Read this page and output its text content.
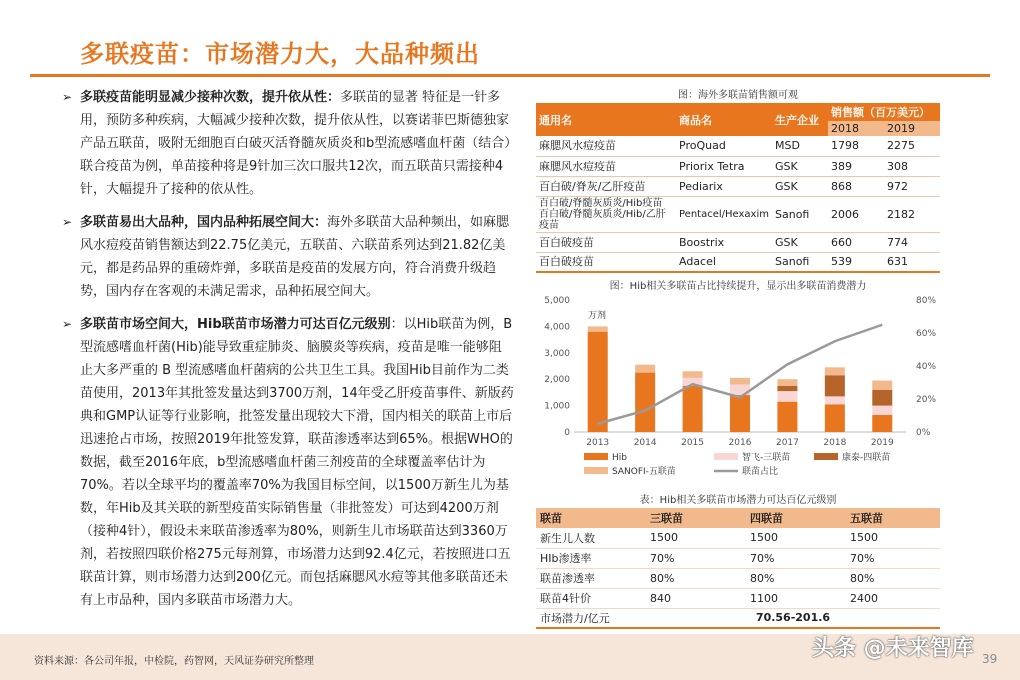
多联疫苗：市场潜力大，大品种频出
➢ 多联疫苗能明显减少接种次数，提升依从性：多联苗的显著 特征是一针多用，预防多种疾病，大幅减少接种次数，提升依从性，以赛诺菲巴斯德独家产品五联苗，吸附无细胞百白破灭活脊髓灰质炎和b型流感嗜血杆菌（结合）联合疫苗为例，单苗接种将是9针加三次口服共12次，而五联苗只需接种4针，大幅提升了接种的依从性。
➢ 多联苗易出大品种，国内品种拓展空间大：海外多联苗大品种频出，如麻腮风水痘疫苗销售额达到22.75亿美元，五联苗、六联苗系列达到21.82亿美元，都是药品界的重磅炸弹，多联苗是疫苗的发展方向，符合消费升级趋势，国内存在客观的未满足需求，品种拓展空间大。
➢ 多联苗市场空间大，Hib联苗市场潜力可达百亿元级别：以Hib联苗为例，B型流感嗜血杆菌(Hib)能导致重症肺炎、脑膜炎等疾病，疫苗是唯一能够阻止大多严重的 B 型流感嗜血杆菌病的公共卫生工具。我国Hib目前作为二类苗使用，2013年其批签发量达到3700万剂，14年受乙肝疫苗事件、新版药典和GMP认证等行业影响，批签发量出现较大下滑，国内相关的联苗上市后迅速抢占市场，按照2019年批签发算，联苗渗透率达到65%。根据WHO的数据，截至2016年底，b型流感嗜血杆菌三剂疫苗的全球覆盖率估计为70%。若以全球平均的覆盖率70%为我国目标空间，以1500万新生儿为基数，年Hib及其关联的新型疫苗实际销售量（非批签发）可达到4200万剂（接种4针），假设未来联苗渗透率为80%，则新生儿市场联苗达到3360万剂，若按照四联价格275元每剂算，市场潜力达到92.4亿元，若按照进口五联苗计算，则市场潜力达到200亿元。而包括麻腮风水痘等其他多联苗还未有上市品种，国内多联苗市场潜力大。
图：海外多联苗销售额可观
通用名	商品名	生产企业	销售额（百万美元）	
			2018	2019
麻腮风水痘疫苗	ProQuad	MSD	1798	2275
麻腮风水痘疫苗	Priorix Tetra	GSK	389	308
百白破/脊灰/乙肝疫苗	Pediarix	GSK	868	972
百白破/脊髓灰质炎/Hib疫苗 百白破/脊髓灰质炎/Hib/乙肝疫苗	Pentacel/Hexaxim	Sanofi	2006	2182
百白破疫苗	Boostrix	GSK	660	774
百白破疫苗	Adacel	Sanofi	539	631
图：Hib相关多联苗占比持续提升，显示出多联苗消费潜力
0
1,000
2,000
3,000
4,000
5,000
0%
20%
40%
60%
80%
万剂
2013	2014	2015	2016	2017	2018	2019
Hib	智飞-三联苗	康泰-四联苗
SANOFI-五联苗	联苗占比
表：Hib相关多联苗市场潜力可达百亿元级别
联苗	三联苗	四联苗	五联苗
新生儿人数	1500	1500	1500
HIb渗透率	70%	70%	70%
联苗渗透率	80%	80%	80%
联苗4针价	840	1100	2400
市场潜力/亿元	70.56-201.6		
资料来源：各公司年报，中检院，药智网，天风证券研究所整理
头条 @未来智库 39
